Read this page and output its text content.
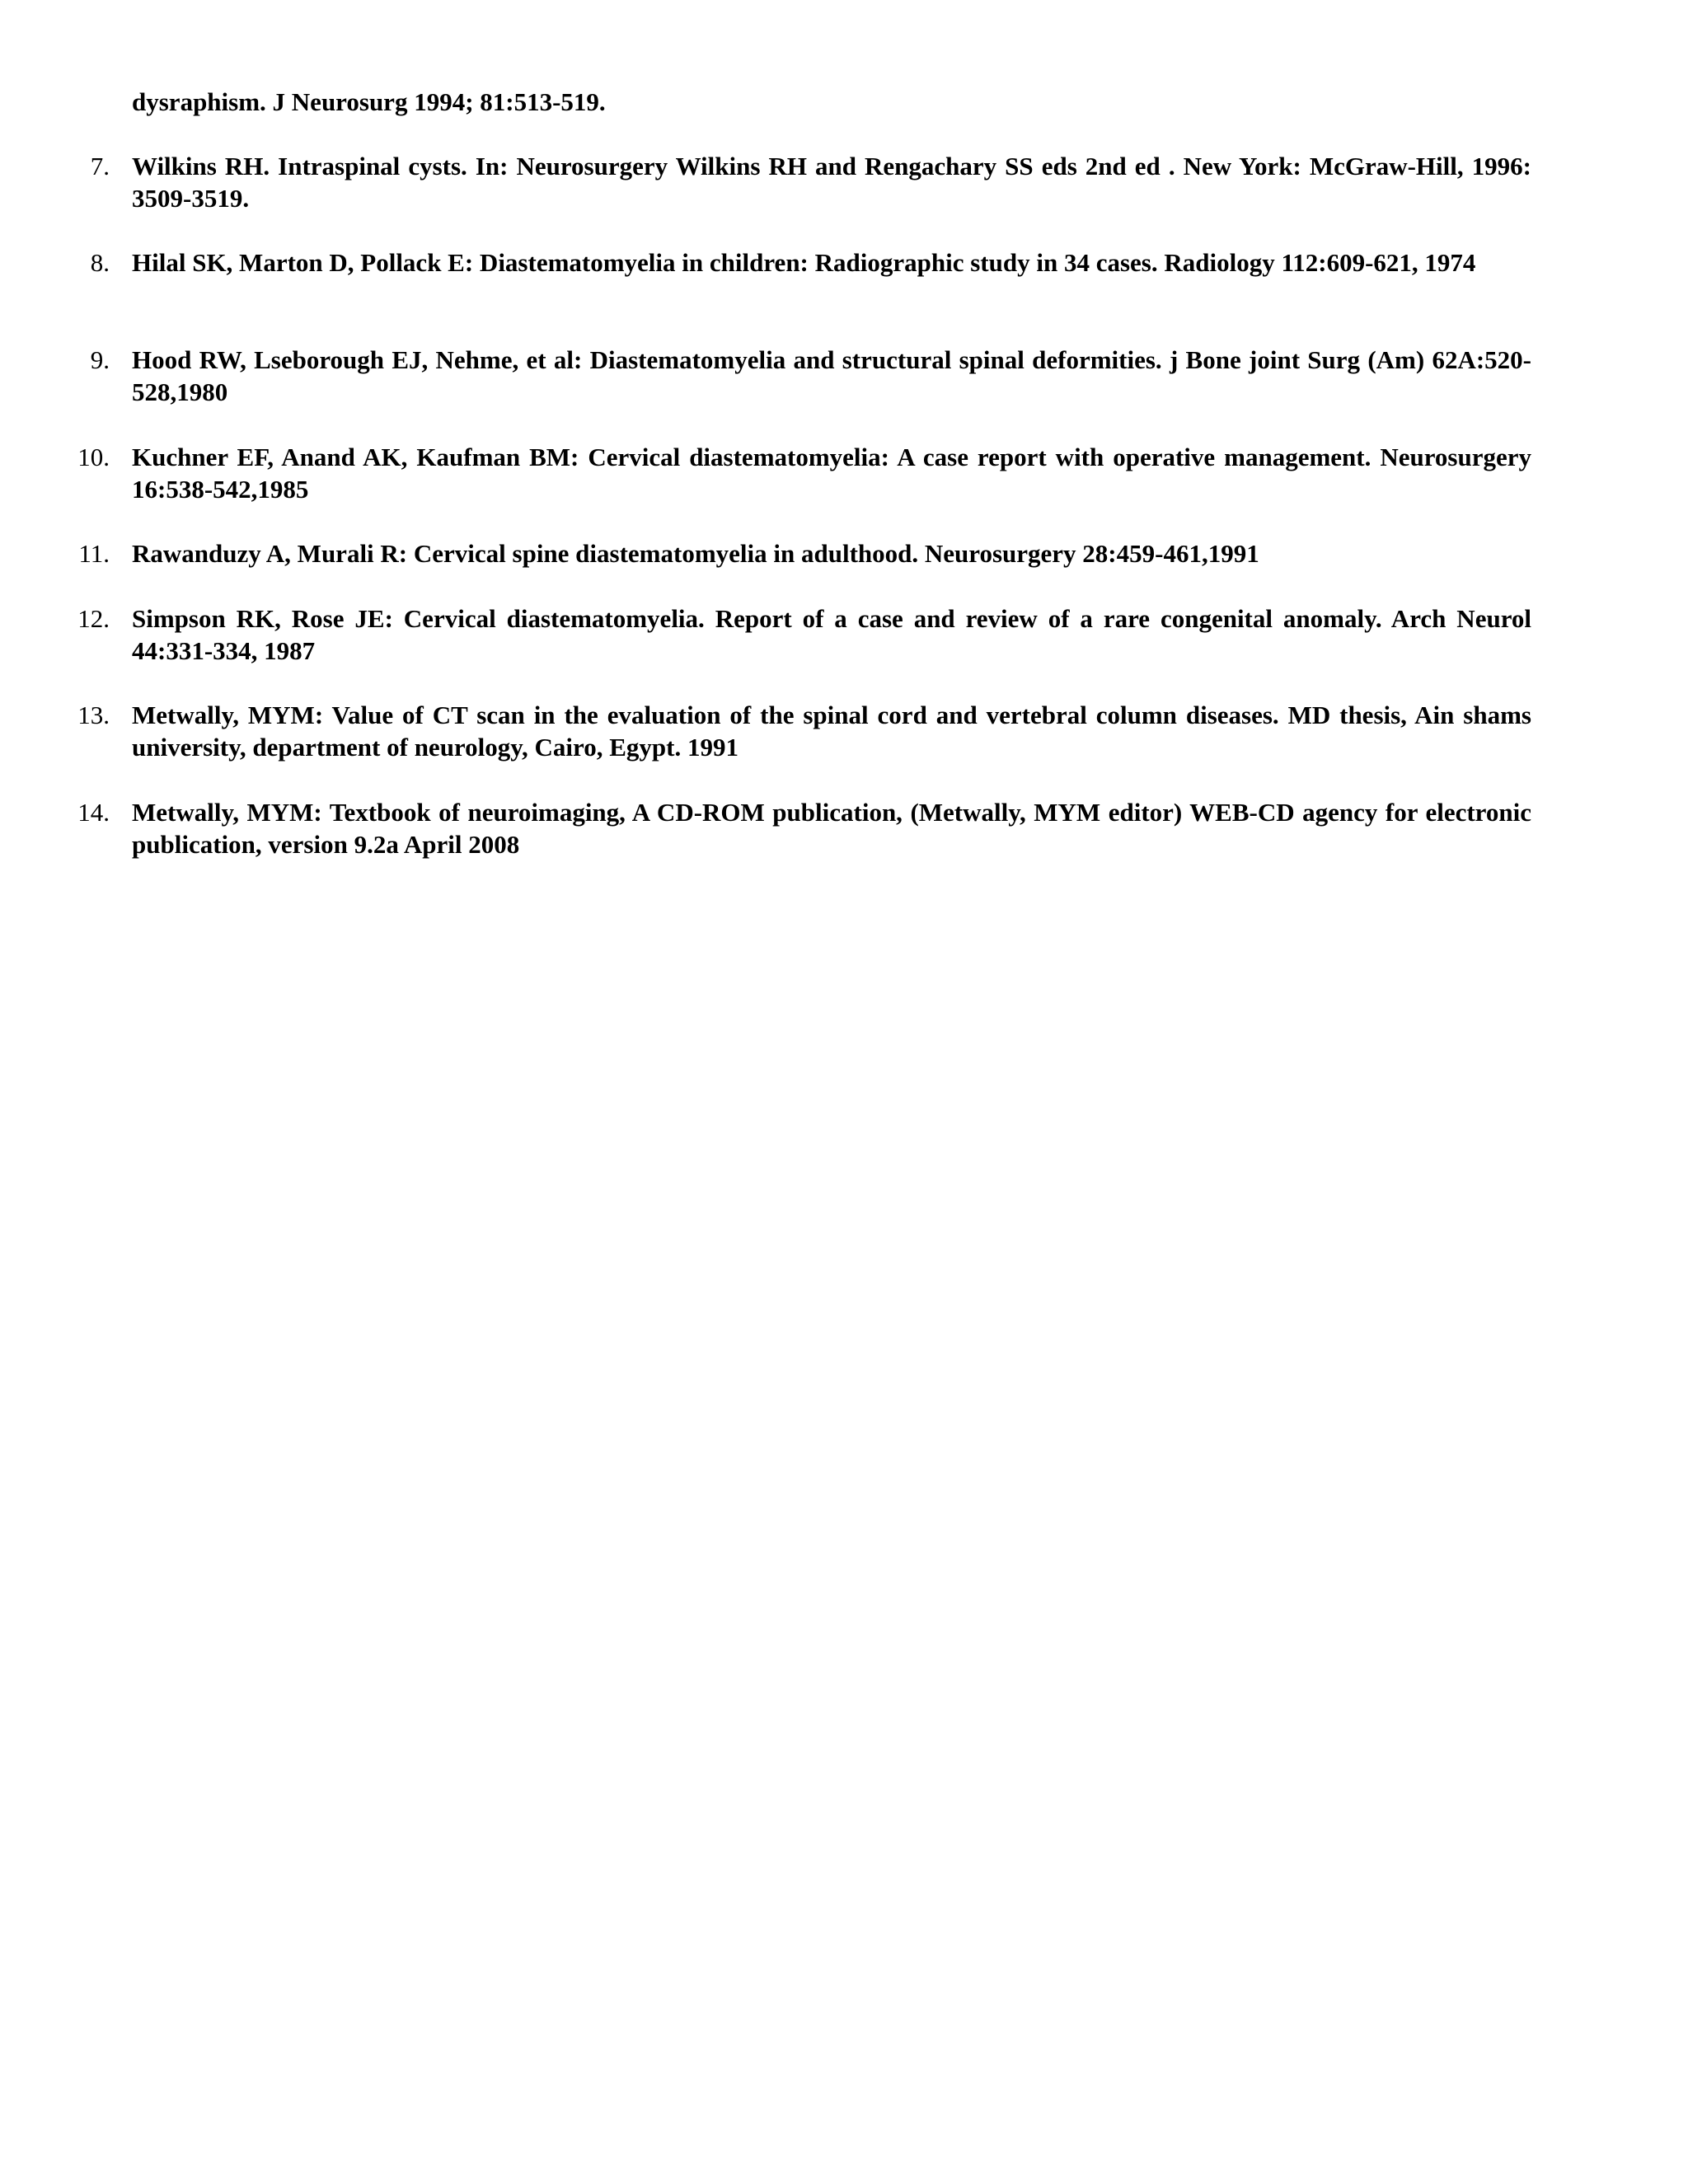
dysraphism. J Neurosurg 1994; 81:513-519.
7. Wilkins RH. Intraspinal cysts. In: Neurosurgery Wilkins RH and Rengachary SS eds 2nd ed . New York: McGraw-Hill, 1996: 3509-3519.
8. Hilal SK, Marton D, Pollack E: Diastematomyelia in children: Radiographic study in 34 cases. Radiology 112:609-621, 1974
9. Hood RW, Lseborough EJ, Nehme, et al: Diastematomyelia and structural spinal deformities. j Bone joint Surg (Am) 62A:520-528,1980
10. Kuchner EF, Anand AK, Kaufman BM: Cervical diastematomyelia: A case report with operative management. Neurosurgery 16:538-542,1985
11. Rawanduzy A, Murali R: Cervical spine diastematomyelia in adulthood. Neurosurgery 28:459-461,1991
12. Simpson RK, Rose JE: Cervical diastematomyelia. Report of a case and review of a rare congenital anomaly. Arch Neurol 44:331-334, 1987
13. Metwally, MYM: Value of CT scan in the evaluation of the spinal cord and vertebral column diseases. MD thesis, Ain shams university, department of neurology, Cairo, Egypt. 1991
14. Metwally, MYM: Textbook of neuroimaging, A CD-ROM publication, (Metwally, MYM editor) WEB-CD agency for electronic publication, version 9.2a April 2008
